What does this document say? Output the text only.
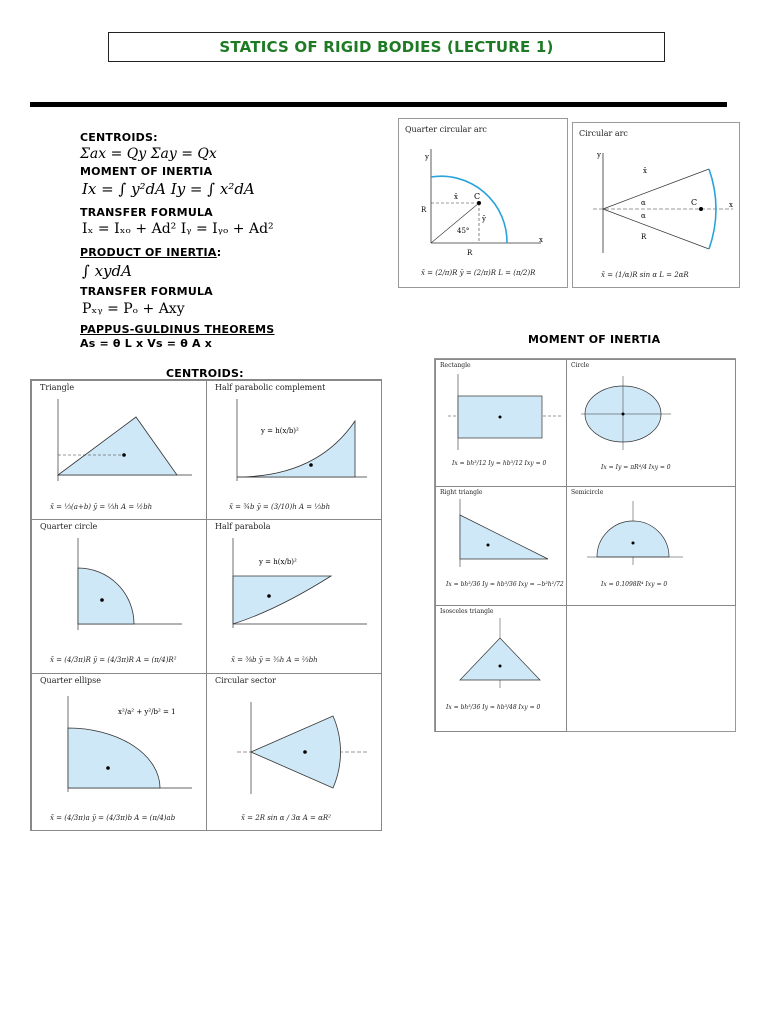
STATICS OF RIGID BODIES (LECTURE 1)
CENTROIDS:
Σax = Qy Σay = Qx
MOMENT OF INERTIA
Ix = ∫ y²dA Iy = ∫ x²dA
TRANSFER FORMULA
Iₓ = Iₓₒ + Ad² Iᵧ = Iᵧₒ + Ad²
PRODUCT OF INERTIA:
∫ xydA
TRANSFER FORMULA
Pₓᵧ = Pₒ + Axy
PAPPUS-GULDINUS THEOREMS
As = θ L x Vs = θ A x
Quarter circular arc
C
y
x
R
R
x̄
ȳ
45°
x̄ = (2/π)R ȳ = (2/π)R L = (π/2)R
Circular arc
C
y
x
x̄
R
α
α
x̄ = (1/α)R sin α L = 2αR
MOMENT OF INERTIA
CENTROIDS:
Triangle
x̄ = ⅓(a+b) ȳ = ⅓h A = ½bh
Half parabolic complement
y = h(x/b)²
x̄ = ¾b ȳ = (3/10)h A = ⅓bh
Quarter circle
x̄ = (4/3π)R ȳ = (4/3π)R A = (π/4)R²
Half parabola
y = h(x/b)²
x̄ = ⅜b ȳ = ⅗h A = ⅔bh
Quarter ellipse
x²/a² + y²/b² = 1
x̄ = (4/3π)a ȳ = (4/3π)b A = (π/4)ab
Circular sector
x̄ = 2R sin α / 3α A = αR²
Rectangle
Ix = bh³/12 Iy = hb³/12 Ixy = 0
Circle
Ix = Iy = πR⁴/4 Ixy = 0
Right triangle
Ix = bh³/36 Iy = hb³/36 Ixy = −b²h²/72
Semicircle
Ix = 0.1098R⁴ Ixy = 0
Isosceles triangle
Ix = bh³/36 Iy = hb³/48 Ixy = 0
